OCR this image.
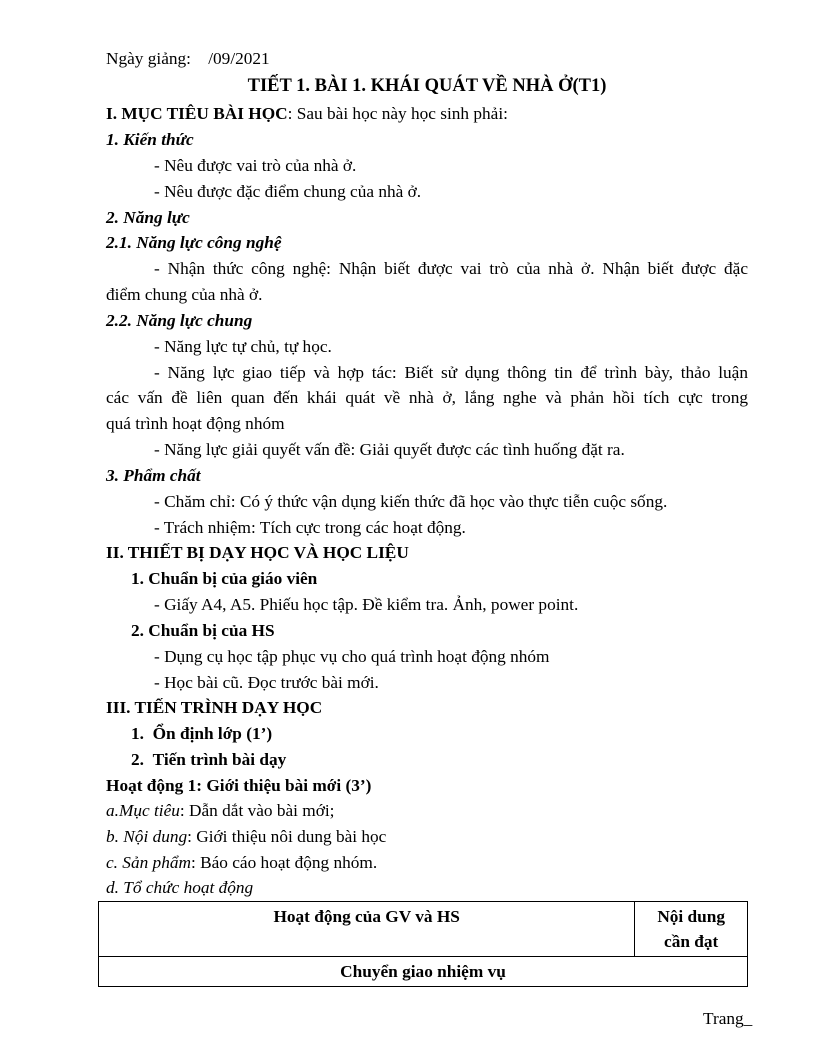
Ngày giảng: /09/2021
TIẾT 1. BÀI 1. KHÁI QUÁT VỀ NHÀ Ở(T1)
I. MỤC TIÊU BÀI HỌC: Sau bài học này học sinh phải:
1. Kiến thức
- Nêu được vai trò của nhà ở.
- Nêu được đặc điểm chung của nhà ở.
2. Năng lực
2.1. Năng lực công nghệ
- Nhận thức công nghệ: Nhận biết được vai trò của nhà ở. Nhận biết được đặc
điểm chung của nhà ở.
2.2. Năng lực chung
- Năng lực tự chủ, tự học.
- Năng lực giao tiếp và hợp tác: Biết sử dụng thông tin để trình bày, thảo luận
các vấn đề liên quan đến khái quát về nhà ở, lắng nghe và phản hồi tích cực trong
quá trình hoạt động nhóm
- Năng lực giải quyết vấn đề: Giải quyết được các tình huống đặt ra.
3. Phẩm chất
- Chăm chỉ: Có ý thức vận dụng kiến thức đã học vào thực tiễn cuộc sống.
- Trách nhiệm: Tích cực trong các hoạt động.
II. THIẾT BỊ DẠY HỌC VÀ HỌC LIỆU
1. Chuẩn bị của giáo viên
- Giấy A4, A5. Phiếu học tập. Đề kiểm tra. Ảnh, power point.
2. Chuẩn bị của HS
- Dụng cụ học tập phục vụ cho quá trình hoạt động nhóm
- Học bài cũ. Đọc trước bài mới.
III. TIẾN TRÌNH DẠY HỌC
1. Ổn định lớp (1’)
2. Tiến trình bài dạy
Hoạt động 1: Giới thiệu bài mới (3’)
a.Mục tiêu: Dẫn dắt vào bài mới;
b. Nội dung: Giới thiệu nôi dung bài học
c. Sản phẩm: Báo cáo hoạt động nhóm.
d. Tổ chức hoạt động
Hoạt động của GV và HS	Nội dung
cần đạt

Chuyển giao nhiệm vụ
Trang_
